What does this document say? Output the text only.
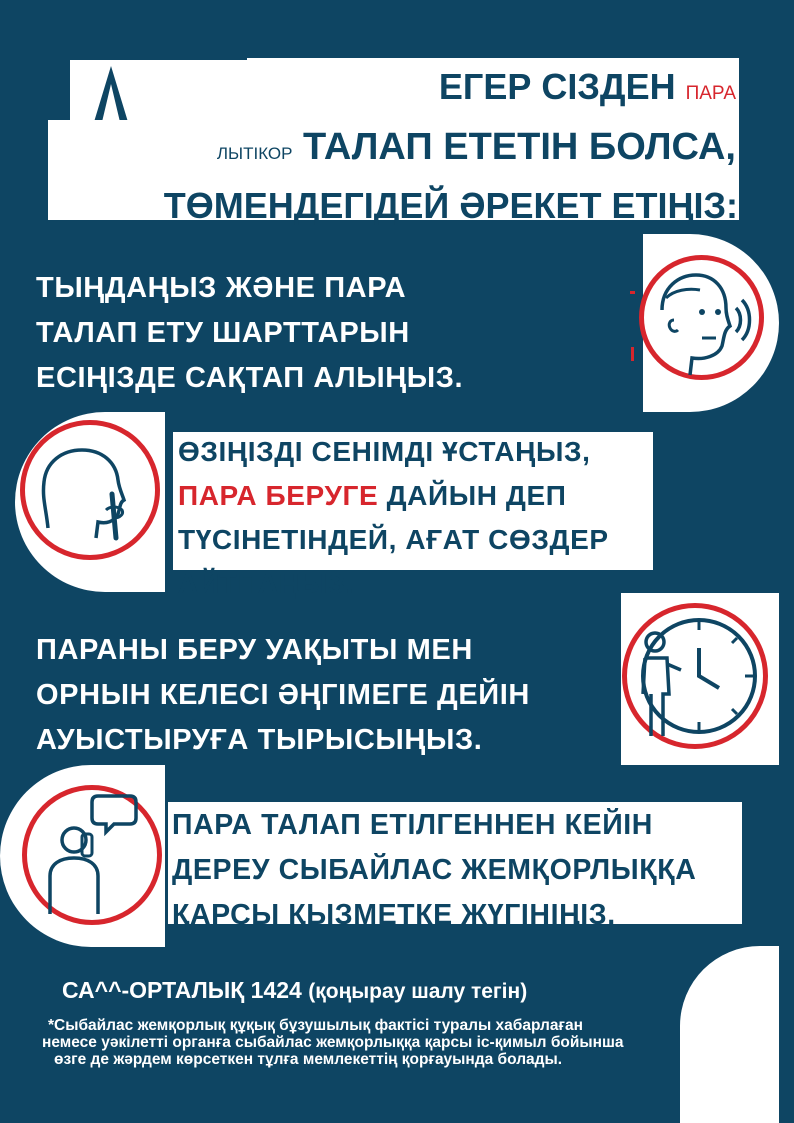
ЕГЕР СІЗДЕН ПАРА
ЛЫТІКОР ТАЛАП ЕТЕТІН БОЛСА,
ТӨМЕНДЕГІДЕЙ ӘРЕКЕТ ЕТІҢІЗ:
ТЫҢДАҢЫЗ ЖӘНЕ ПАРА
ТАЛАП ЕТУ ШАРТТАРЫН
ЕСІҢІЗДЕ САҚТАП АЛЫҢЫЗ.
ӨЗІҢІЗДІ СЕНІМДІ ҰСТАҢЫЗ,
ПАРА БЕРУГЕ ДАЙЫН ДЕП
ТҮСІНЕТІНДЕЙ, АҒАТ СӨЗДЕР
АЙТПАҢЫЗ.
ПАРАНЫ БЕРУ УАҚЫТЫ МЕН
ОРНЫН КЕЛЕСІ ӘҢГІМЕГЕ ДЕЙІН
АУЫСТЫРУҒА ТЫРЫСЫҢЫЗ.
ПАРА ТАЛАП ЕТІЛГЕННЕН КЕЙІН
ДЕРЕУ СЫБАЙЛАС ЖЕМҚОРЛЫҚҚА
ҚАРСЫ ҚЫЗМЕТКЕ ЖҮГІНІҢІЗ.
СА^^-ОРТАЛЫҚ 1424 (қоңырау шалу тегін)
*Сыбайлас жемқорлық құқық бұзушылық фактісі туралы хабарлаған
немесе уәкілетті органға сыбайлас жемқорлыққа қарсы іс-қимыл бойынша
өзге де жәрдем көрсеткен тұлға мемлекеттің қорғауында болады.
